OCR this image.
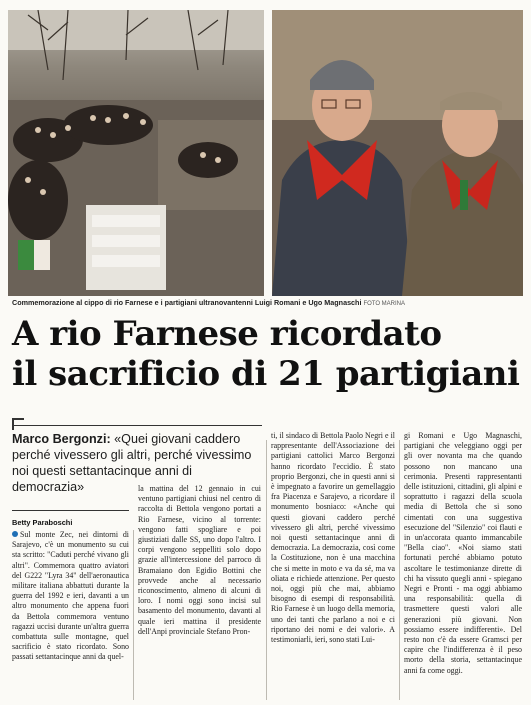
Commemorazione al cippo di rio Farnese e i partigiani ultranovantenni Luigi Romani e Ugo Magnaschi FOTO MARINA
A rio Farnese ricordato
il sacrificio di 21 partigiani
Marco Bergonzi: «Quei giovani caddero perché vivessero gli altri, perché vivessimo noi questi settantacinque anni di democrazia»
Betty Paraboschi

Sul monte Zec, nei dintorni di Sarajevo, c'è un monumento su cui sta scritto: "Caduti perché vivano gli altri". Commemora quattro aviatori del G222 "Lyra 34" dell'aeronautica militare italiana abbattuti durante la guerra del 1992 e ieri, davanti a un altro monumento che appena fuori da Bettola commemora ventuno ragazzi uccisi durante un'altra guerra combattuta sulle montagne, quel sacrificio è stato ricordato. Sono passati settantacinque anni da quel-

la mattina del 12 gennaio in cui ventuno partigiani chiusi nel centro di raccolta di Bettola vengono portati a Rio Farnese, vicino al torrente: vengono fatti spogliare e poi giustiziati dalle SS, uno dopo l'altro. I corpi vengono seppelliti solo dopo grazie all'intercessione del parroco di Bramaiano don Egidio Bottini che provvede anche al necessario riconoscimento, almeno di alcuni di loro. I nomi oggi sono incisi sul basamento del monumento, davanti al quale ieri mattina il presidente dell'Anpi provinciale Stefano Pron-

ti, il sindaco di Bettola Paolo Negri e il rappresentante dell'Associazione dei partigiani cattolici Marco Bergonzi hanno ricordato l'eccidio. È stato proprio Bergonzi, che in questi anni si è impegnato a favorire un gemellaggio fra Piacenza e Sarajevo, a ricordare il monumento bosniaco: «Anche qui questi giovani caddero perché vivessero gli altri, perché vivessimo noi questi settantacinque anni di democrazia. La democrazia, così come la Costituzione, non è una macchina che si mette in moto e va da sé, ma va oliata e richiede attenzione. Per questo noi, oggi più che mai, abbiamo bisogno di esempi di responsabilità. Rio Farnese è un luogo della memoria, uno dei tanti che parlano a noi e ci riportano dei nomi e dei valori». A testimoniarli, ieri, sono stati Lui-

gi Romani e Ugo Magnaschi, partigiani che veleggiano oggi per gli over novanta ma che quando possono non mancano una cerimonia. Presenti rappresentanti delle istituzioni, cittadini, gli alpini e soprattutto i ragazzi della scuola media di Bettola che si sono cimentati con una suggestiva esecuzione del "Silenzio" coi flauti e in un'accorata quanto immancabile "Bella ciao". «Noi siamo stati fortunati perché abbiamo potuto ascoltare le testimonianze dirette di chi ha vissuto quegli anni - spiegano Negri e Pronti - ma oggi abbiamo una responsabilità: quella di trasmettere questi valori alle generazioni più giovani. Non possiamo essere indifferenti». Del resto non c'è da essere Gramsci per capire che l'indifferenza è il peso morto della storia, settantacinque anni fa come oggi.
